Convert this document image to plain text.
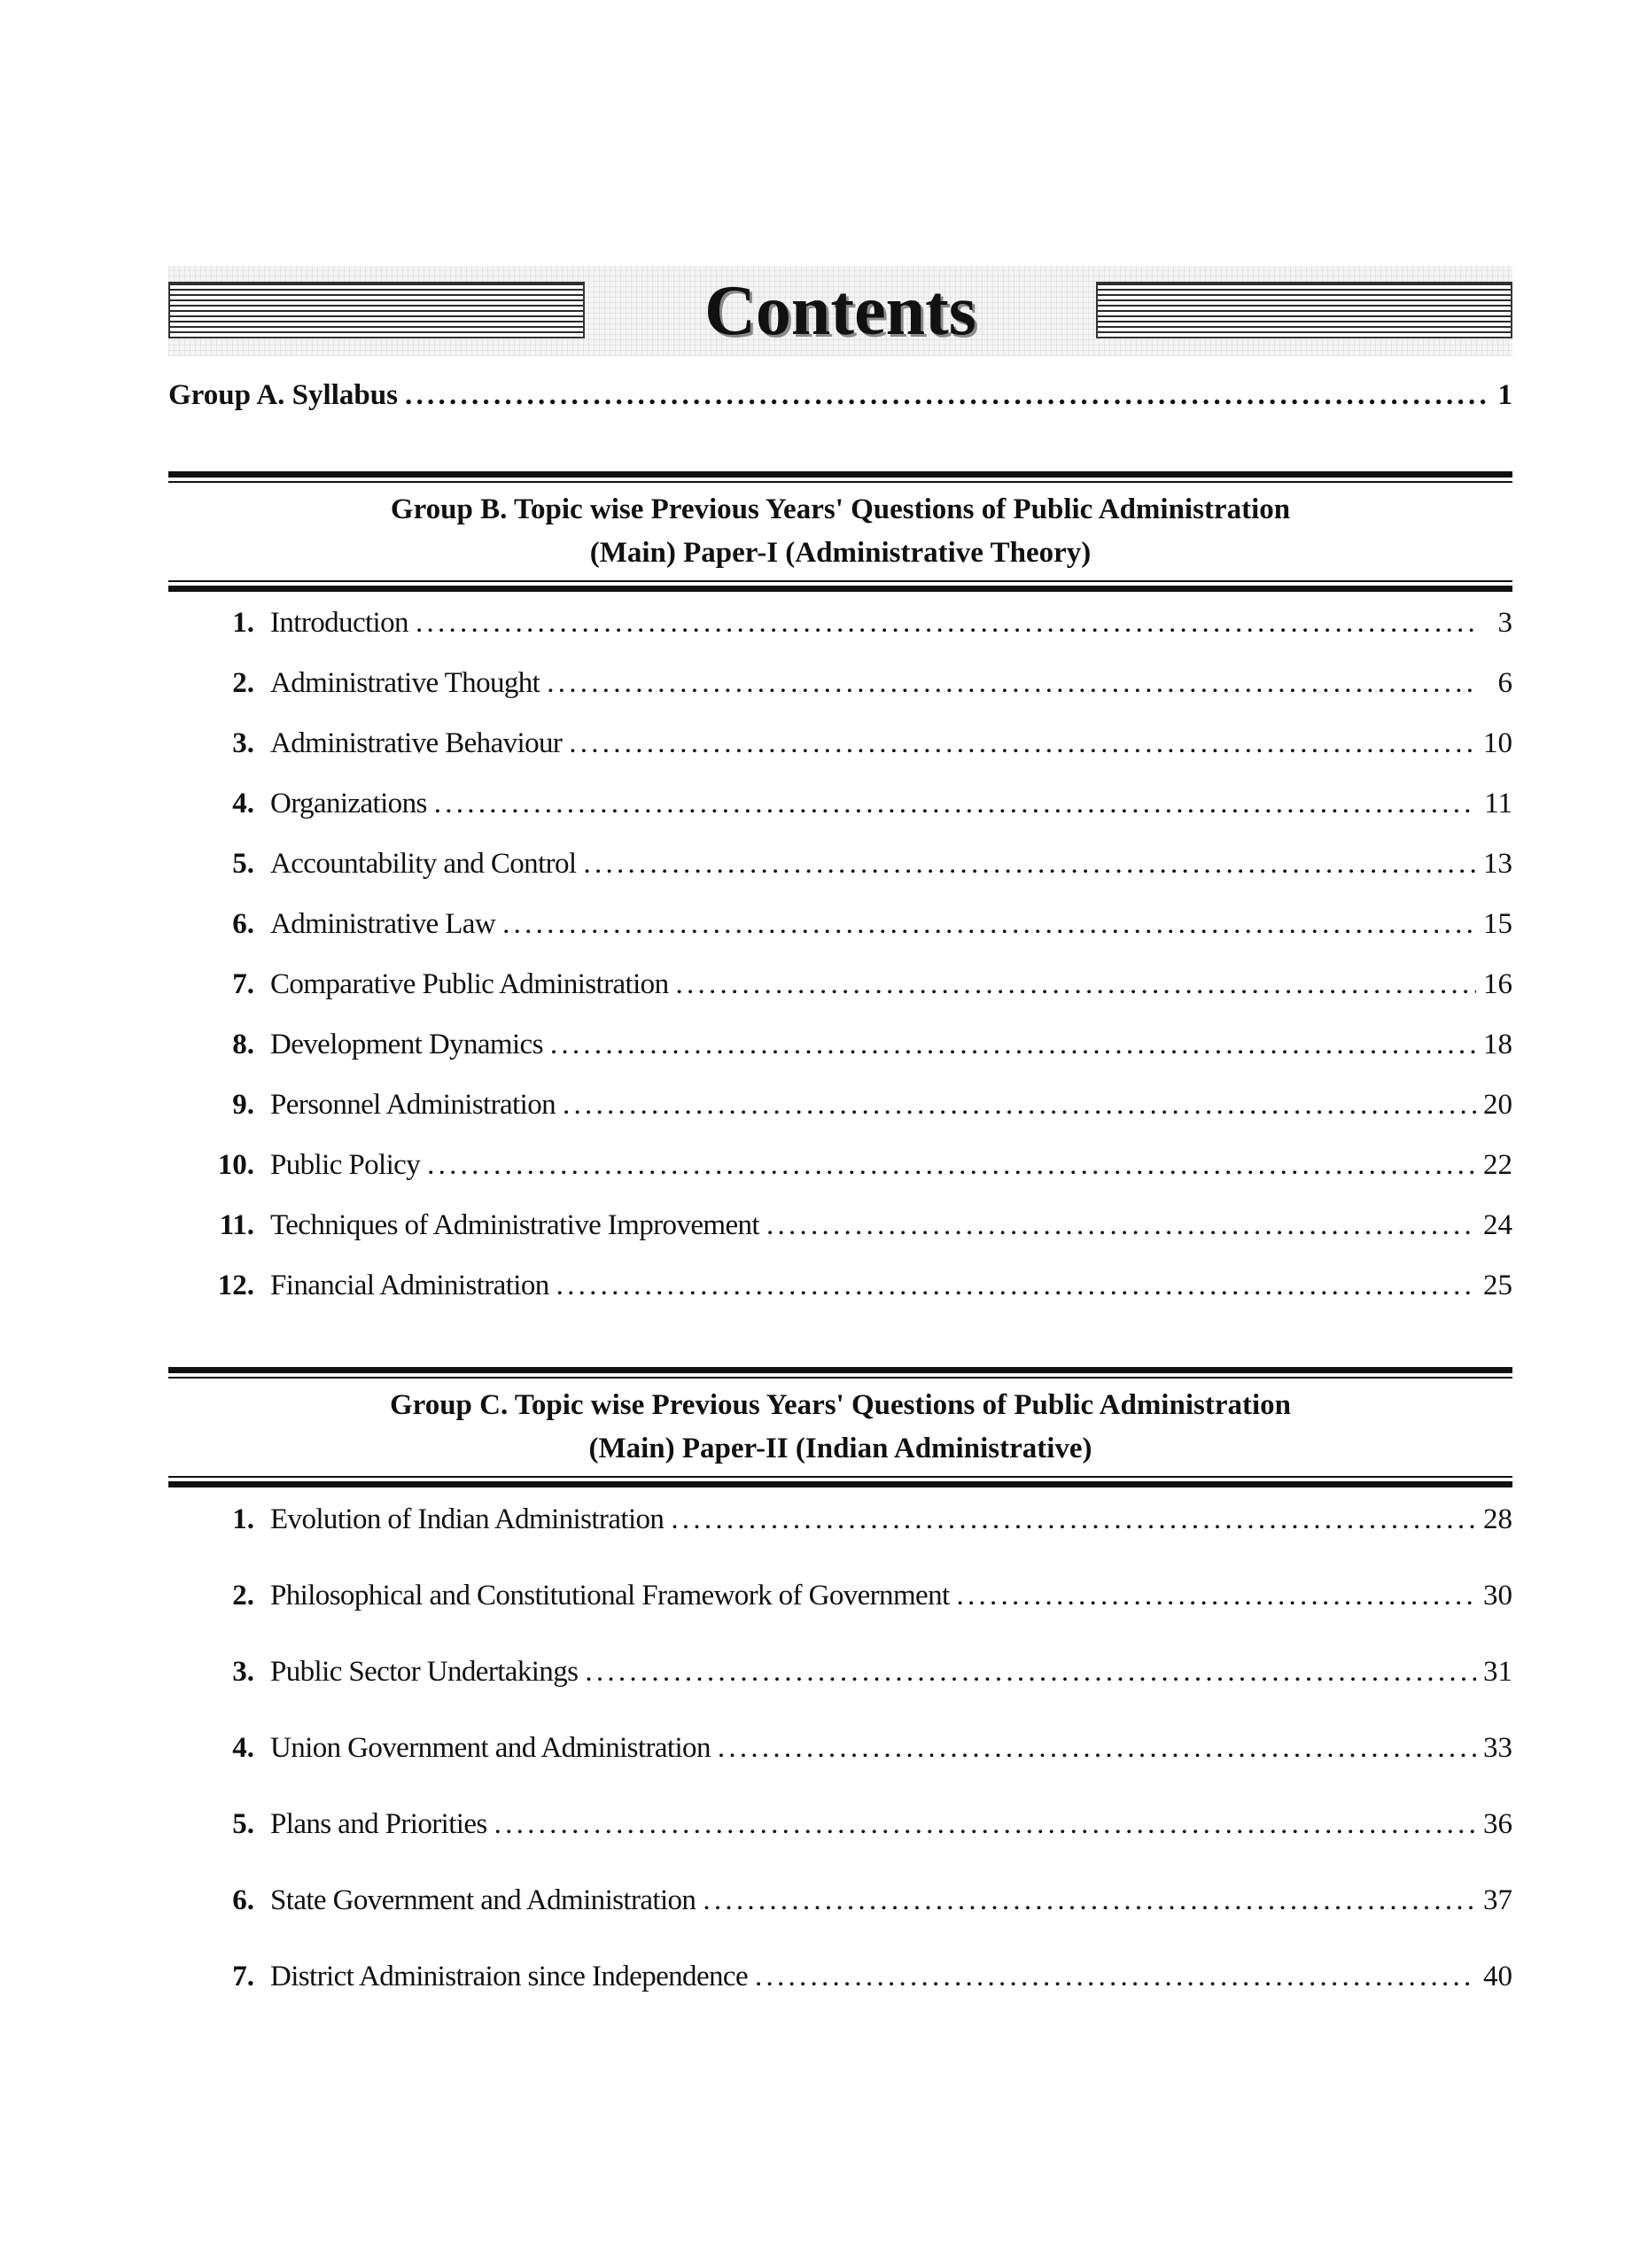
Contents
Group A. Syllabus . . .	1
Group B. Topic wise Previous Years' Questions of Public Administration
(Main) Paper-I (Administrative Theory)
1. Introduction . . .	3
2. Administrative Thought . . .	6
3. Administrative Behaviour . . .	10
4. Organizations . . .	11
5. Accountability and Control . . .	13
6. Administrative Law . . .	15
7. Comparative Public Administration . . .	16
8. Development Dynamics . . .	18
9. Personnel Administration . . .	20
10. Public Policy . . .	22
11. Techniques of Administrative Improvement . . .	24
12. Financial Administration . . .	25
Group C. Topic wise Previous Years' Questions of Public Administration
(Main) Paper-II (Indian Administrative)
1. Evolution of Indian Administration . . .	28
2. Philosophical and Constitutional Framework of Government . . .	30
3. Public Sector Undertakings . . .	31
4. Union Government and Administration . . .	33
5. Plans and Priorities . . .	36
6. State Government and Administration . . .	37
7. District Administraion since Independence . . .	40
